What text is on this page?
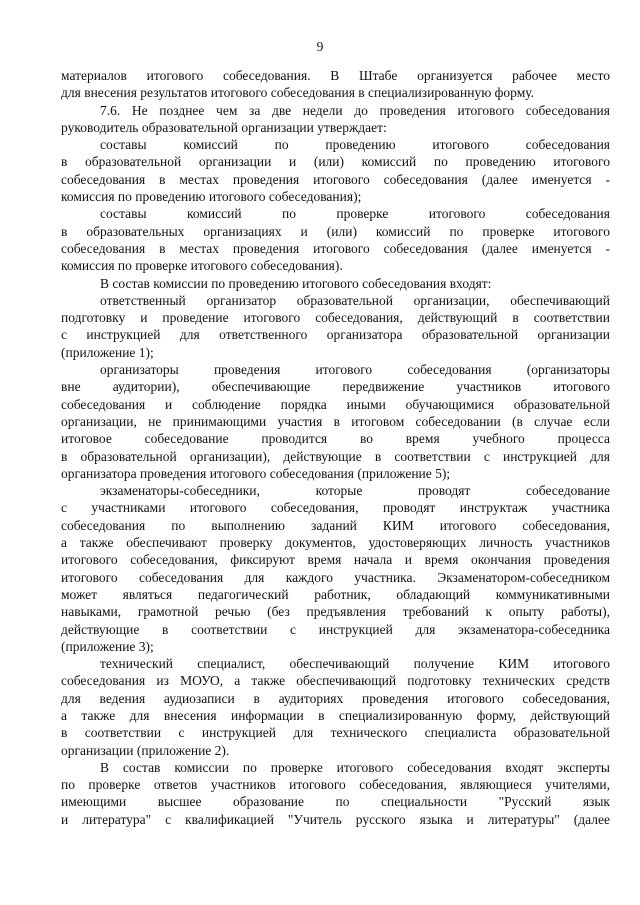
9
материалов итогового собеседования. В Штабе организуется рабочее место
для внесения результатов итогового собеседования в специализированную форму.
7.6. Не позднее чем за две недели до проведения итогового собеседования
руководитель образовательной организации утверждает:
составы комиссий по проведению итогового собеседования
в образовательной организации и (или) комиссий по проведению итогового
собеседования в местах проведения итогового собеседования (далее именуется -
комиссия по проведению итогового собеседования);
составы комиссий по проверке итогового собеседования
в образовательных организациях и (или) комиссий по проверке итогового
собеседования в местах проведения итогового собеседования (далее именуется -
комиссия по проверке итогового собеседования).
В состав комиссии по проведению итогового собеседования входят:
ответственный организатор образовательной организации, обеспечивающий
подготовку и проведение итогового собеседования, действующий в соответствии
с инструкцией для ответственного организатора образовательной организации
(приложение 1);
организаторы проведения итогового собеседования (организаторы
вне аудитории), обеспечивающие передвижение участников итогового
собеседования и соблюдение порядка иными обучающимися образовательной
организации, не принимающими участия в итоговом собеседовании (в случае если
итоговое собеседование проводится во время учебного процесса
в образовательной организации), действующие в соответствии с инструкцией для
организатора проведения итогового собеседования (приложение 5);
экзаменаторы-собеседники, которые проводят собеседование
с участниками итогового собеседования, проводят инструктаж участника
собеседования по выполнению заданий КИМ итогового собеседования,
а также обеспечивают проверку документов, удостоверяющих личность участников
итогового собеседования, фиксируют время начала и время окончания проведения
итогового собеседования для каждого участника. Экзаменатором-собеседником
может являться педагогический работник, обладающий коммуникативными
навыками, грамотной речью (без предъявления требований к опыту работы),
действующие в соответствии с инструкцией для экзаменатора-собеседника
(приложение 3);
технический специалист, обеспечивающий получение КИМ итогового
собеседования из МОУО, а также обеспечивающий подготовку технических средств
для ведения аудиозаписи в аудиториях проведения итогового собеседования,
а также для внесения информации в специализированную форму, действующий
в соответствии с инструкцией для технического специалиста образовательной
организации (приложение 2).
В состав комиссии по проверке итогового собеседования входят эксперты
по проверке ответов участников итогового собеседования, являющиеся учителями,
имеющими высшее образование по специальности "Русский язык
и литература" с квалификацией "Учитель русского языка и литературы" (далее
